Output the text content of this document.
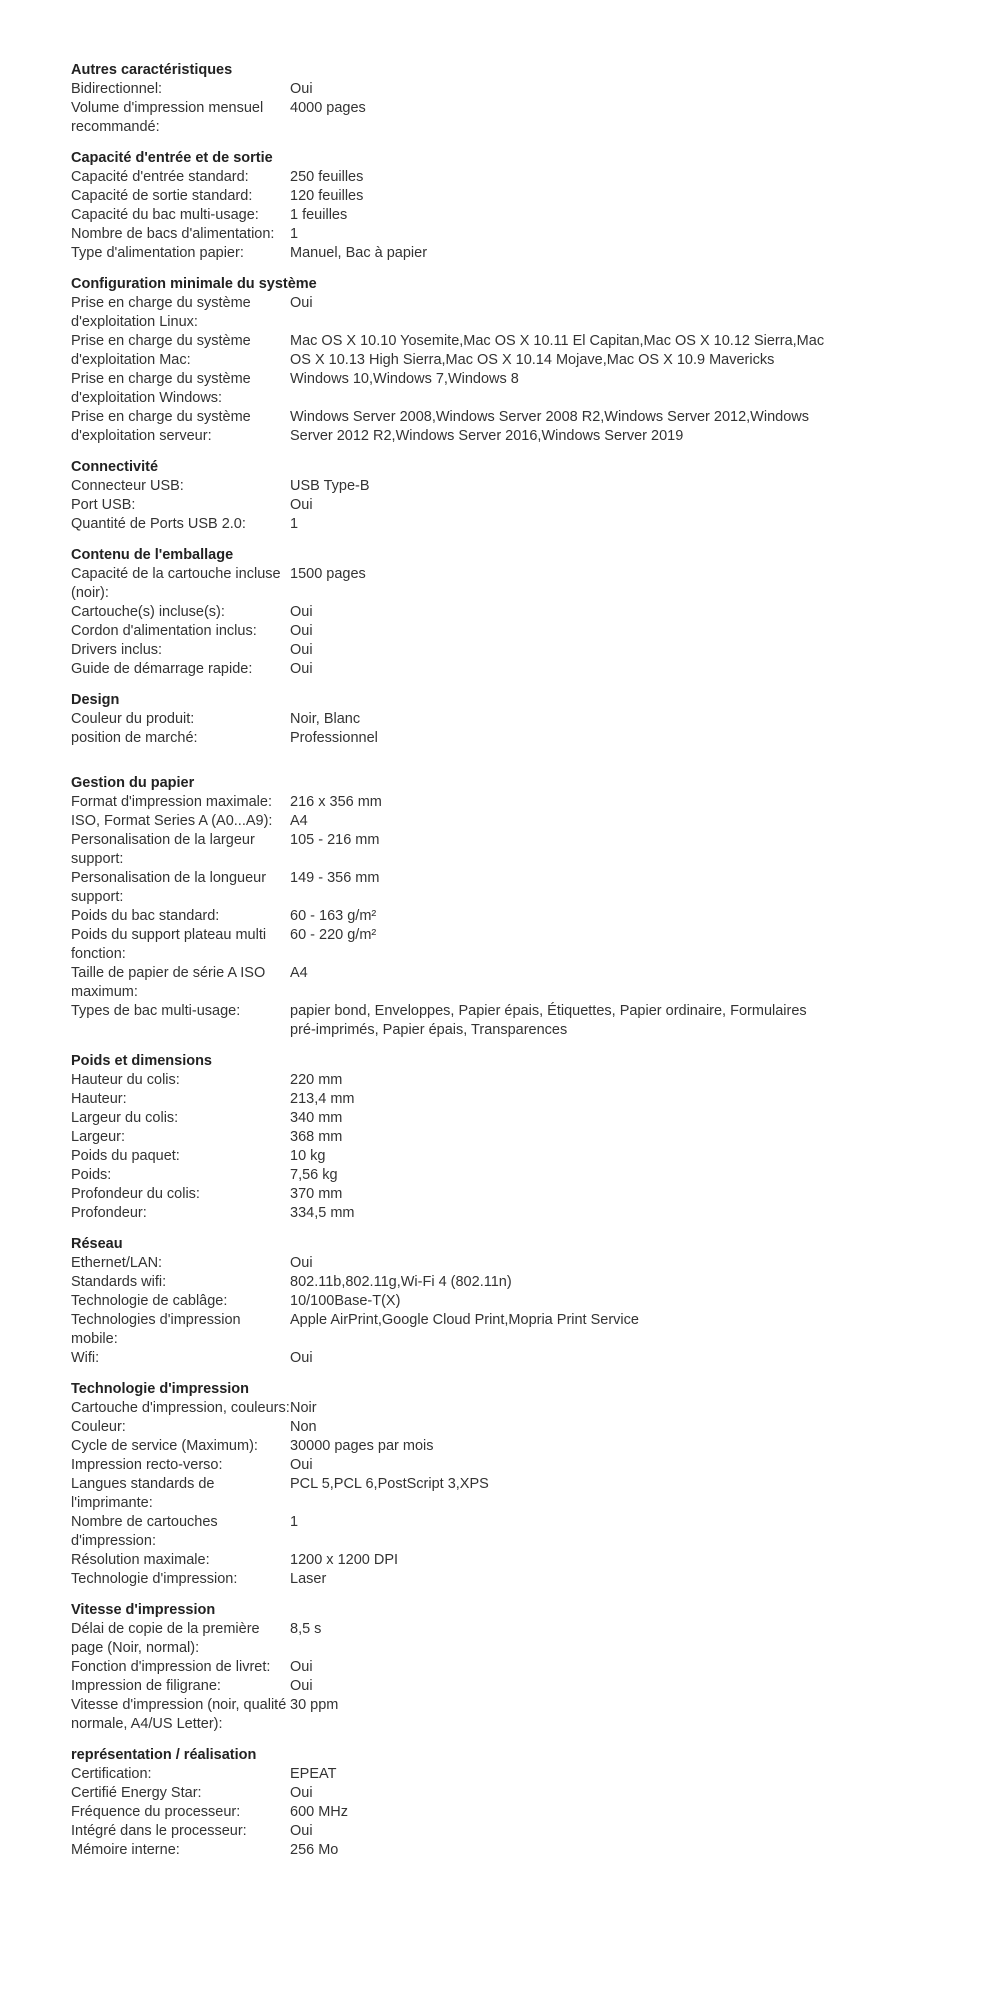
Autres caractéristiques
Bidirectionnel:	Oui
Volume d'impression mensuel recommandé:
4000 pages
Capacité d'entrée et de sortie
Capacité d'entrée standard:	250 feuilles
Capacité de sortie standard:	120 feuilles
Capacité du bac multi-usage:	1 feuilles
Nombre de bacs d'alimentation:	1
Type d'alimentation papier:	Manuel, Bac à papier
Configuration minimale du système
Prise en charge du système d'exploitation Linux:
Oui
Prise en charge du système d'exploitation Mac:
Mac OS X 10.10 Yosemite,Mac OS X 10.11 El Capitan,Mac OS X 10.12 Sierra,Mac OS X 10.13 High Sierra,Mac OS X 10.14 Mojave,Mac OS X 10.9 Mavericks
Prise en charge du système d'exploitation Windows:
Windows 10,Windows 7,Windows 8
Prise en charge du système d'exploitation serveur:
Windows Server 2008,Windows Server 2008 R2,Windows Server 2012,Windows Server 2012 R2,Windows Server 2016,Windows Server 2019
Connectivité
Connecteur USB:	USB Type-B
Port USB:	Oui
Quantité de Ports USB 2.0:	1
Contenu de l'emballage
Capacité de la cartouche incluse (noir):
1500 pages
Cartouche(s) incluse(s):	Oui
Cordon d'alimentation inclus:	Oui
Drivers inclus:	Oui
Guide de démarrage rapide:	Oui
Design
Couleur du produit:	Noir, Blanc
position de marché:	Professionnel
Gestion du papier
Format d'impression maximale:	216 x 356 mm
ISO, Format Series A (A0...A9):	A4
Personalisation de la largeur support:
105 - 216 mm
Personalisation de la longueur support:
149 - 356 mm
Poids du bac standard:	60 - 163 g/m²
Poids du support plateau multi fonction:
60 - 220 g/m²
Taille de papier de série A ISO maximum:
A4
Types de bac multi-usage:	papier bond, Enveloppes, Papier épais, Étiquettes, Papier ordinaire, Formulaires pré-imprimés, Papier épais, Transparences
Poids et dimensions
Hauteur du colis:	220 mm
Hauteur:	213,4 mm
Largeur du colis:	340 mm
Largeur:	368 mm
Poids du paquet:	10 kg
Poids:	7,56 kg
Profondeur du colis:	370 mm
Profondeur:	334,5 mm
Réseau
Ethernet/LAN:	Oui
Standards wifi:	802.11b,802.11g,Wi-Fi 4 (802.11n)
Technologie de cablâge:	10/100Base-T(X)
Technologies d'impression mobile:
Apple AirPrint,Google Cloud Print,Mopria Print Service
Wifi:	Oui
Technologie d'impression
Cartouche d'impression, couleurs: Noir
Couleur:	Non
Cycle de service (Maximum):	30000 pages par mois
Impression recto-verso:	Oui
Langues standards de l'imprimante:
PCL 5,PCL 6,PostScript 3,XPS
Nombre de cartouches d'impression:
1
Résolution maximale:	1200 x 1200 DPI
Technologie d'impression:	Laser
Vitesse d'impression
Délai de copie de la première page (Noir, normal):
8,5 s
Fonction d'impression de livret:	Oui
Impression de filigrane:	Oui
Vitesse d'impression (noir, qualité normale, A4/US Letter):
30 ppm
représentation / réalisation
Certification:	EPEAT
Certifié Energy Star:	Oui
Fréquence du processeur:	600 MHz
Intégré dans le processeur:	Oui
Mémoire interne:	256 Mo
